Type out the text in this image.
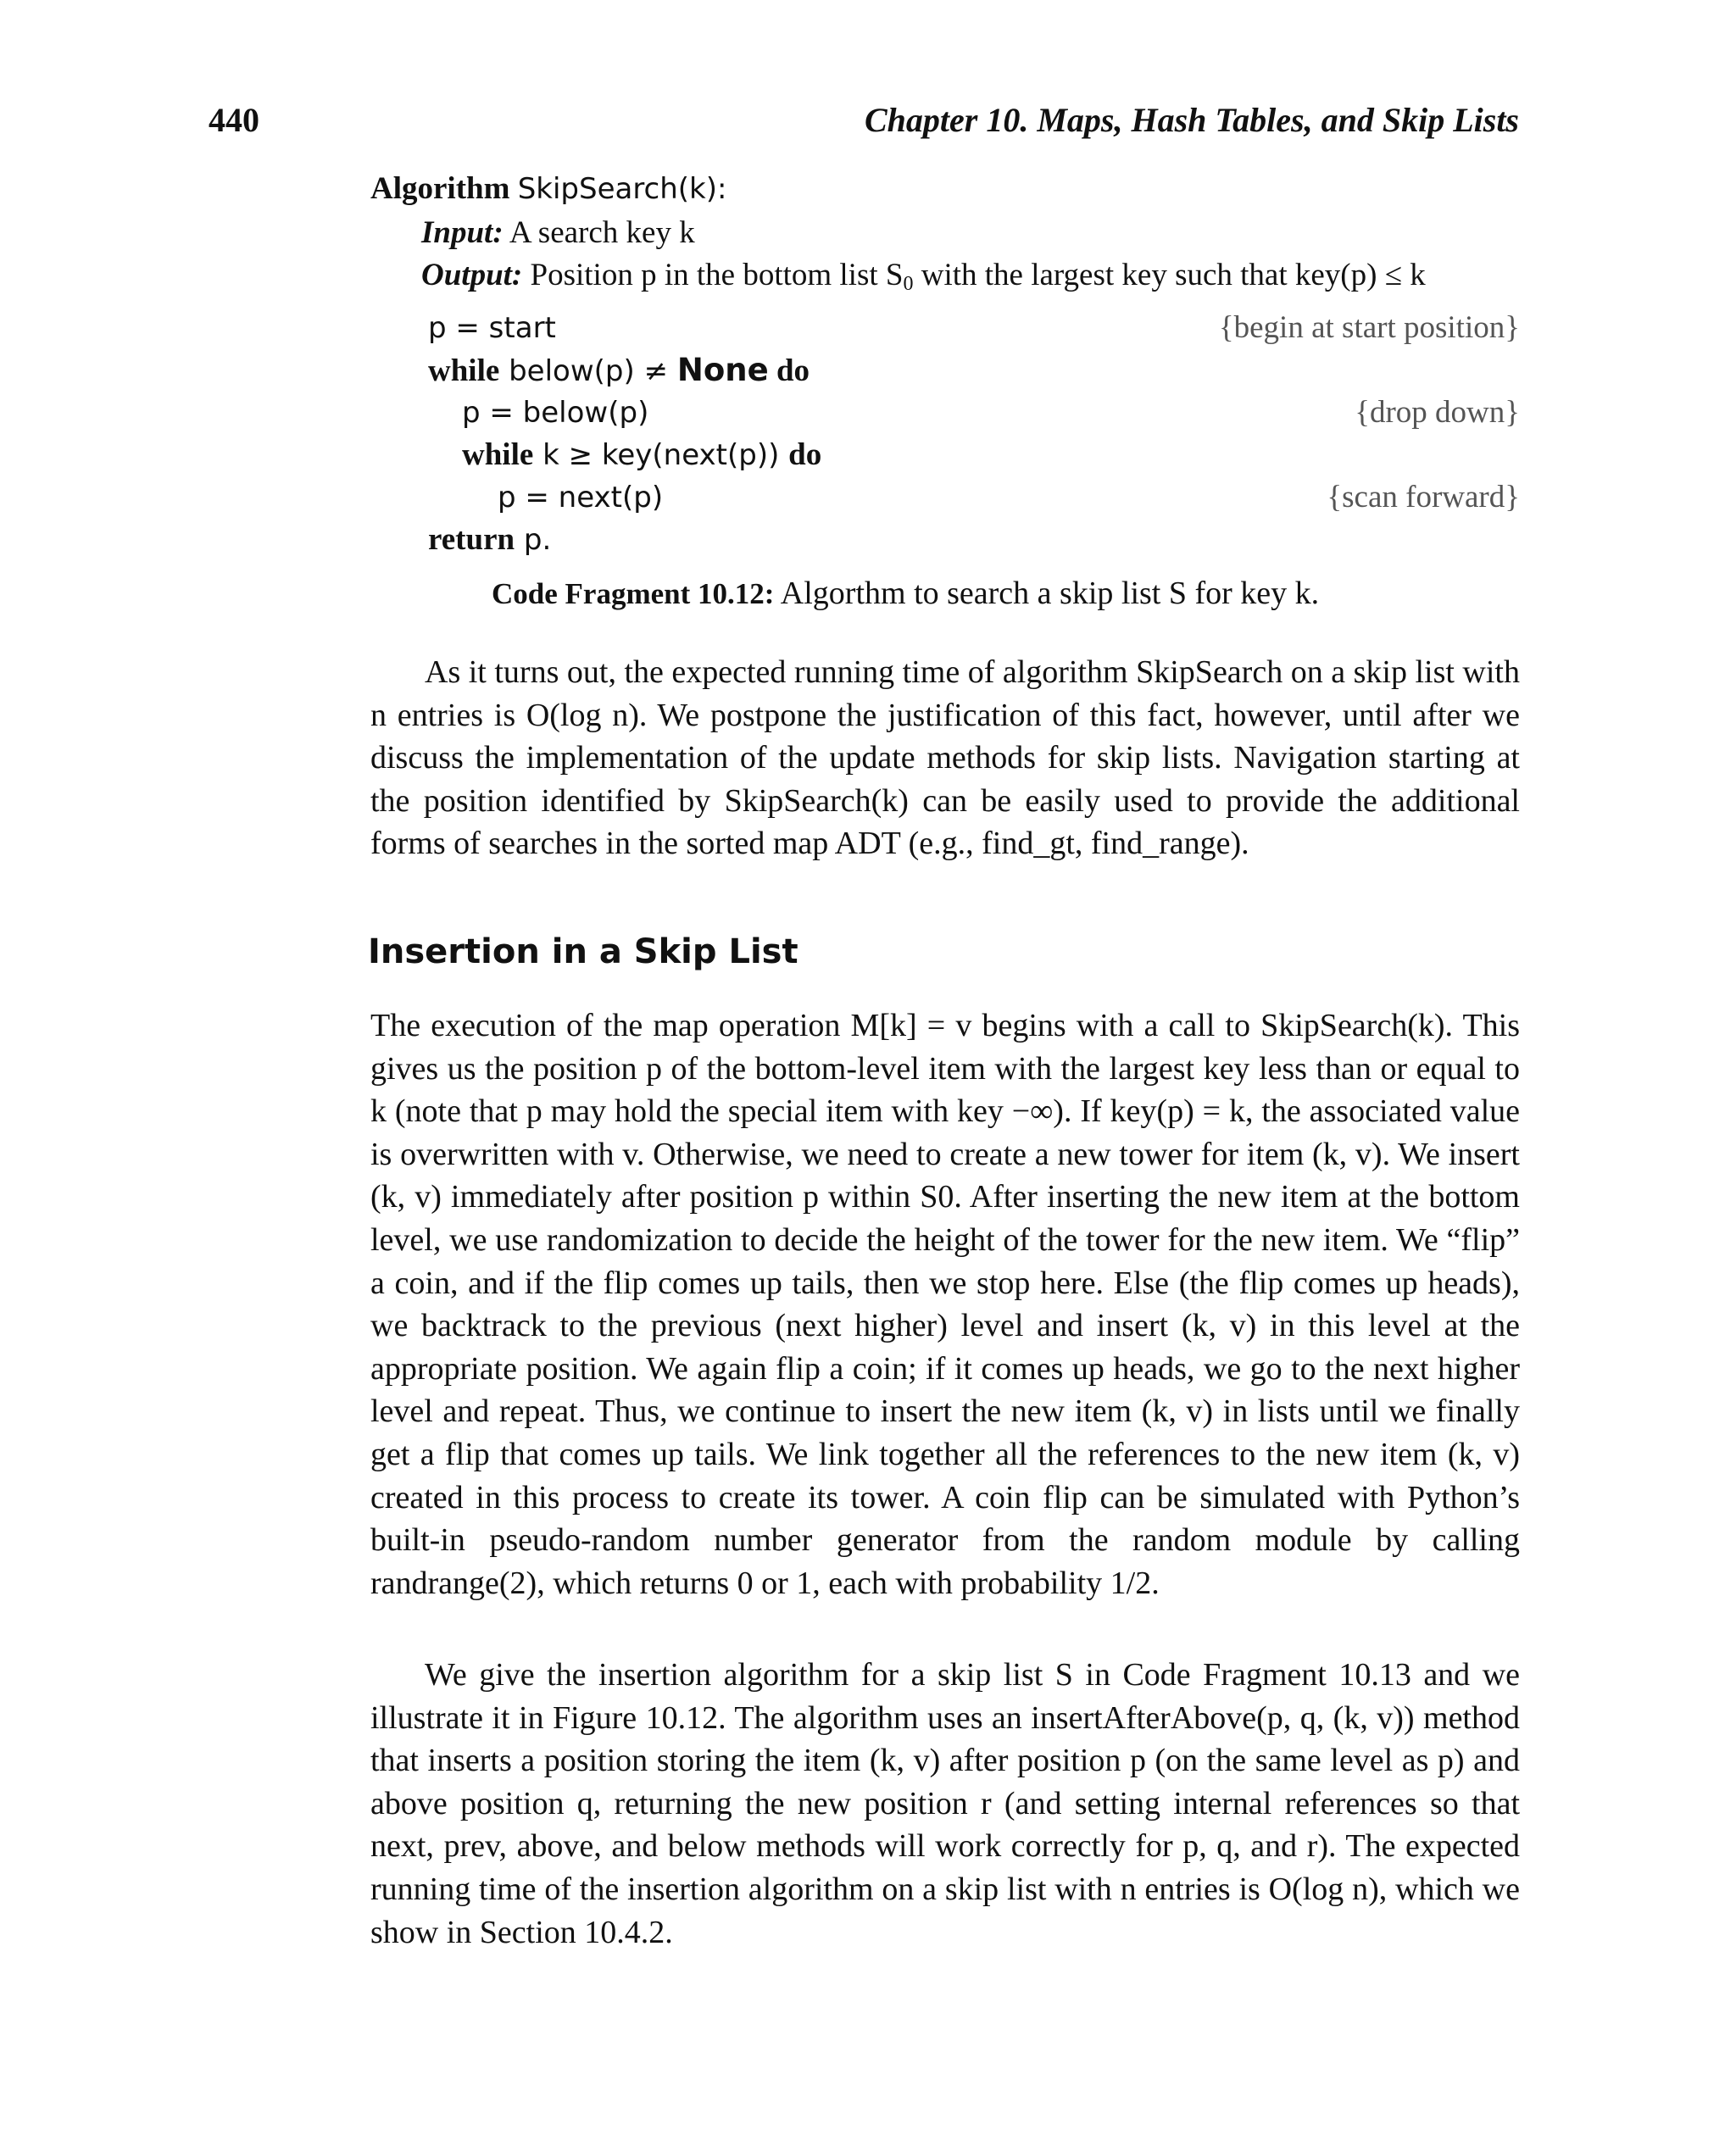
440	Chapter 10. Maps, Hash Tables, and Skip Lists
Algorithm SkipSearch(k):
Input: A search key k
Output: Position p in the bottom list $S_0$ with the largest key such that key(p) ≤ k
p = start	{begin at start position}
while below(p) ≠ None do
p = below(p)	{drop down}
while k ≥ key(next(p)) do
p = next(p)	{scan forward}
return p.
Code Fragment 10.12: Algorthm to search a skip list S for key k.

As it turns out, the expected running time of algorithm SkipSearch on a skip list with n entries is O(log n). We postpone the justification of this fact, however, until after we discuss the implementation of the update methods for skip lists. Navigation starting at the position identified by SkipSearch(k) can be easily used to provide the additional forms of searches in the sorted map ADT (e.g., find_gt, find_range).

Insertion in a Skip List

The execution of the map operation M[k] = v begins with a call to SkipSearch(k). This gives us the position p of the bottom-level item with the largest key less than or equal to k (note that p may hold the special item with key −∞). If key(p) = k, the associated value is overwritten with v. Otherwise, we need to create a new tower for item (k, v). We insert (k, v) immediately after position p within S0. After inserting the new item at the bottom level, we use randomization to decide the height of the tower for the new item. We “flip” a coin, and if the flip comes up tails, then we stop here. Else (the flip comes up heads), we backtrack to the previous (next higher) level and insert (k, v) in this level at the appropriate position. We again flip a coin; if it comes up heads, we go to the next higher level and repeat. Thus, we continue to insert the new item (k, v) in lists until we finally get a flip that comes up tails. We link together all the references to the new item (k, v) created in this process to create its tower. A coin flip can be simulated with Python’s built-in pseudo-random number generator from the random module by calling randrange(2), which returns 0 or 1, each with probability 1/2.

We give the insertion algorithm for a skip list S in Code Fragment 10.13 and we illustrate it in Figure 10.12. The algorithm uses an insertAfterAbove(p, q, (k, v)) method that inserts a position storing the item (k, v) after position p (on the same level as p) and above position q, returning the new position r (and setting internal references so that next, prev, above, and below methods will work correctly for p, q, and r). The expected running time of the insertion algorithm on a skip list with n entries is O(log n), which we show in Section 10.4.2.
